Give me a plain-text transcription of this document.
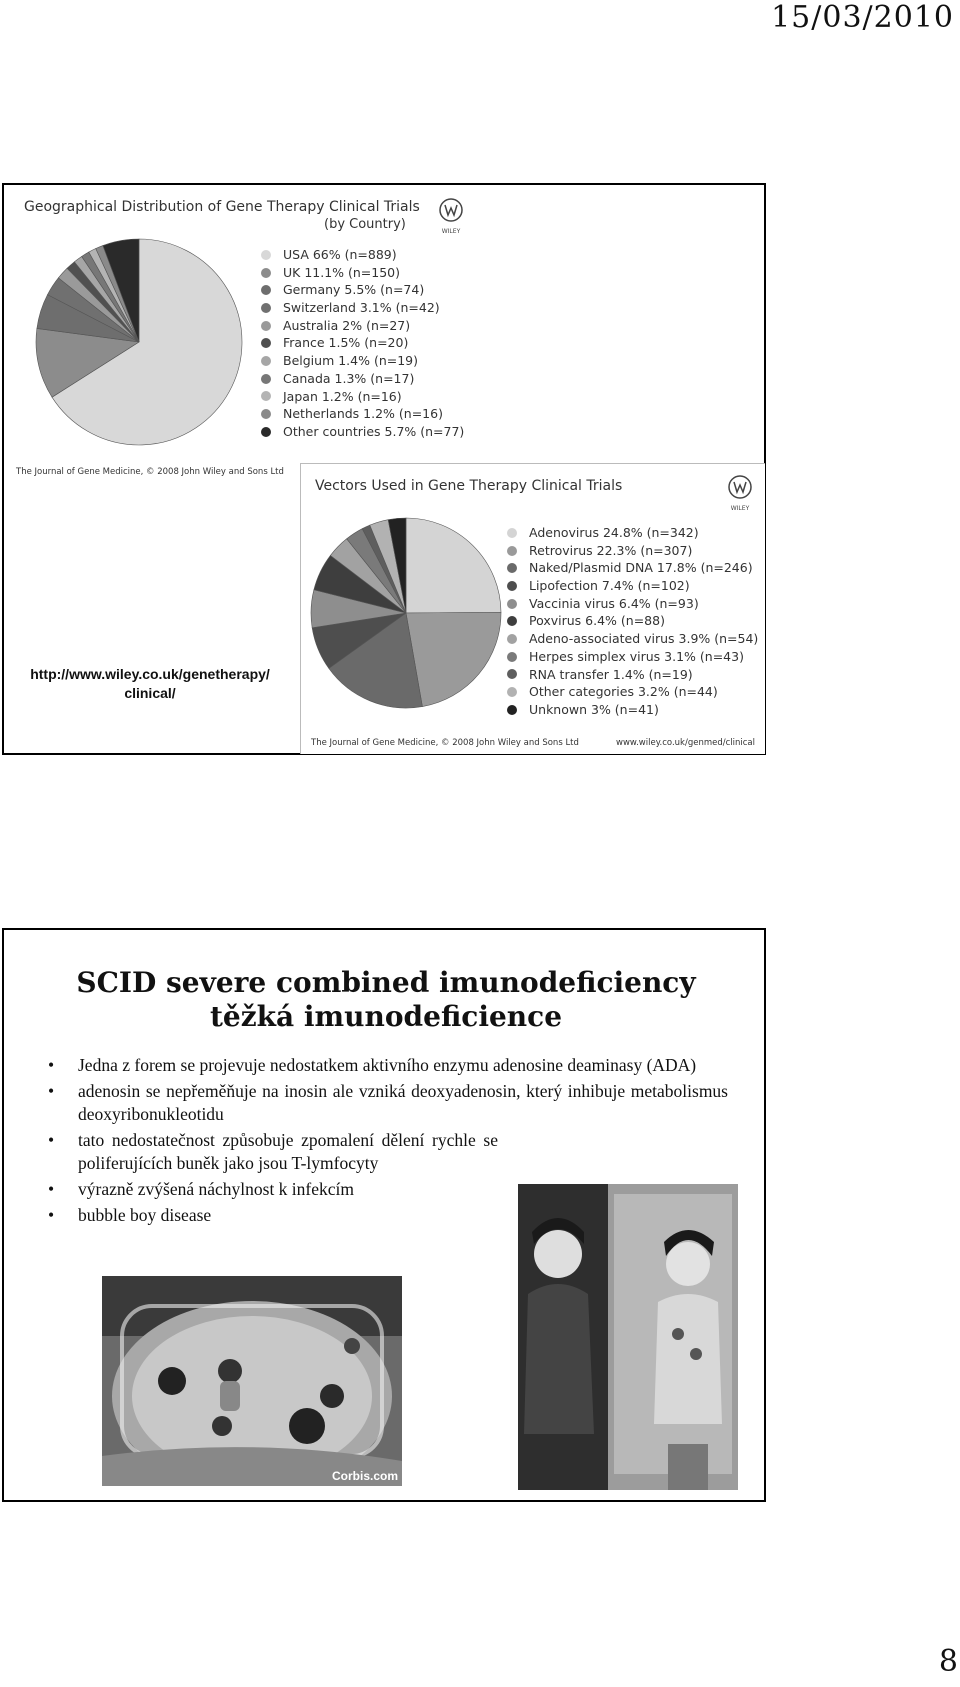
15/03/2010
Geographical Distribution of Gene Therapy Clinical Trials
(by Country)	WILEY
USA 66% (n=889)
UK 11.1% (n=150)
Germany 5.5% (n=74)
Switzerland 3.1% (n=42)
Australia 2% (n=27)
France 1.5% (n=20)
Belgium 1.4% (n=19)
Canada 1.3% (n=17)
Japan 1.2% (n=16)
Netherlands 1.2% (n=16)
Other countries 5.7% (n=77)
The Journal of Gene Medicine, © 2008 John Wiley and Sons Ltd
Vectors Used in Gene Therapy Clinical Trials
WILEY
Adenovirus 24.8% (n=342)
Retrovirus 22.3% (n=307)
Naked/Plasmid DNA 17.8% (n=246)
Lipofection 7.4% (n=102)
Vaccinia virus 6.4% (n=93)
Poxvirus 6.4% (n=88)
Adeno-associated virus 3.9% (n=54)
Herpes simplex virus 3.1% (n=43)
RNA transfer 1.4% (n=19)
Other categories 3.2% (n=44)
Unknown 3% (n=41)
The Journal of Gene Medicine, © 2008 John Wiley and Sons Ltd	www.wiley.co.uk/genmed/clinical
http://www.wiley.co.uk/genetherapy/
clinical/
SCID severe combined imunodeficiency
těžká imunodeficience
• Jedna z forem se projevuje nedostatkem aktivního enzymu adenosine deaminasy (ADA)
• adenosin se nepřeměňuje na inosin ale vzniká deoxyadenosin, který inhibuje metabolismus deoxyribonukleotidu
• tato nedostatečnost způsobuje zpomalení dělení rychle se poliferujících buněk jako jsou T-lymfocyty
• výrazně zvýšená náchylnost k infekcím
• bubble boy disease
Corbis.com
8
